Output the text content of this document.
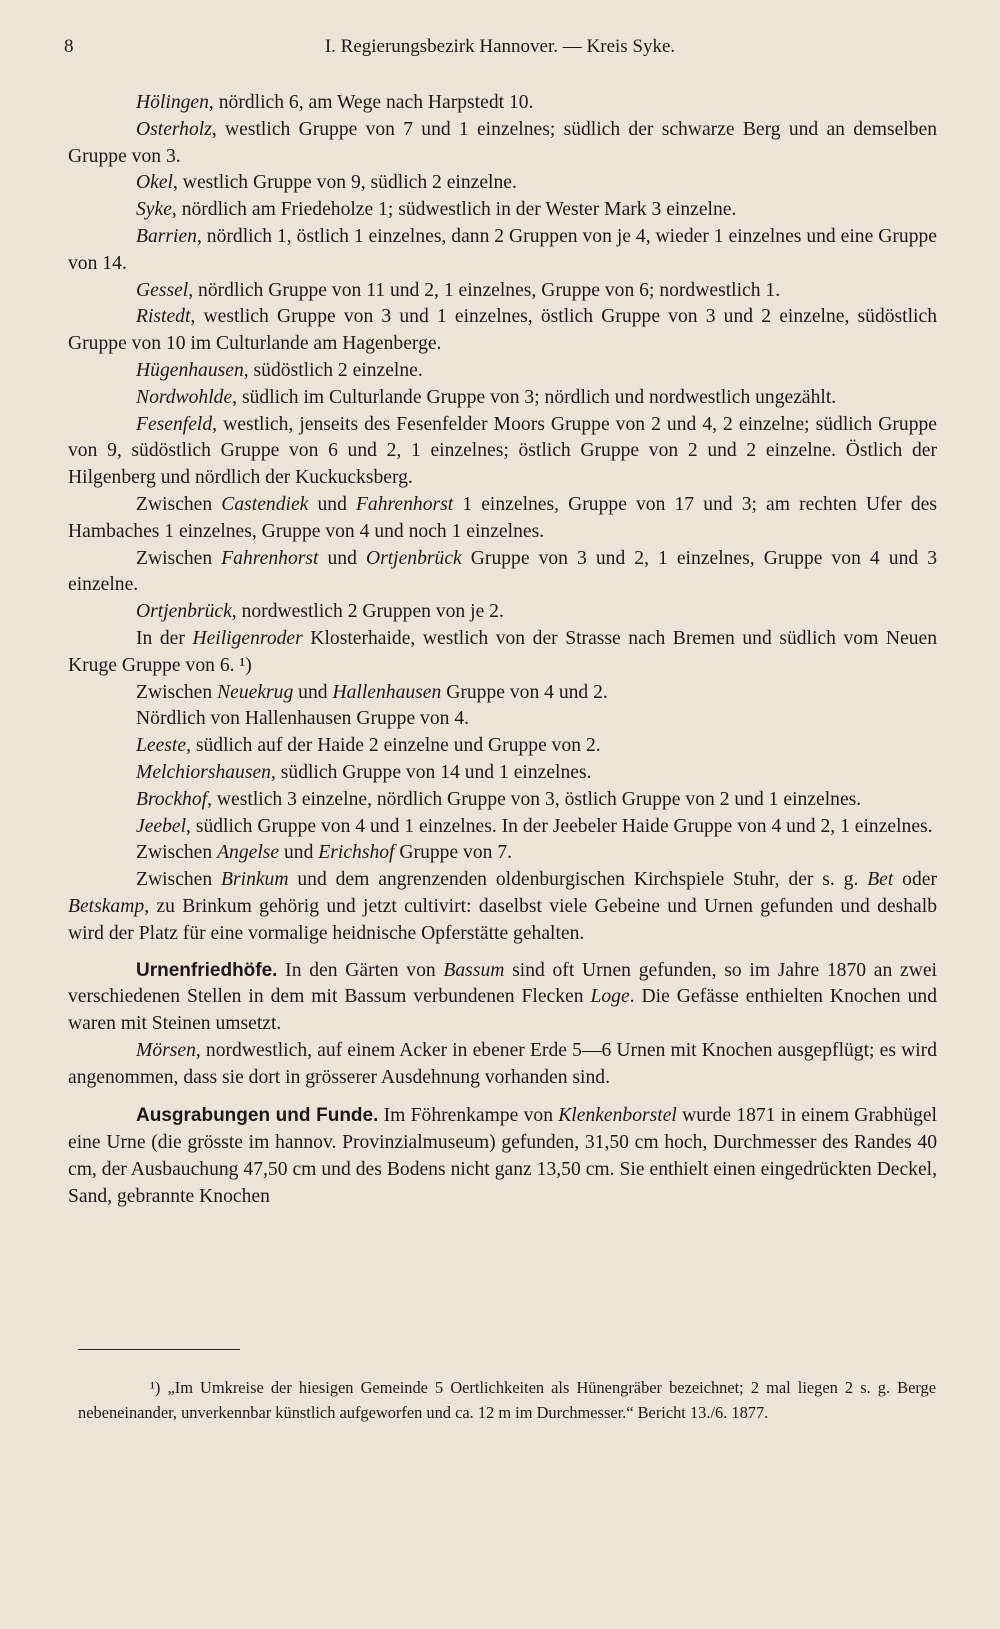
8	I. Regierungsbezirk Hannover. — Kreis Syke.

Hölingen, nördlich 6, am Wege nach Harpstedt 10.

Osterholz, westlich Gruppe von 7 und 1 einzelnes; südlich der schwarze Berg und an demselben Gruppe von 3.

Okel, westlich Gruppe von 9, südlich 2 einzelne.

Syke, nördlich am Friedeholze 1; südwestlich in der Wester Mark 3 einzelne.

Barrien, nördlich 1, östlich 1 einzelnes, dann 2 Gruppen von je 4, wieder 1 einzelnes und eine Gruppe von 14.

Gessel, nördlich Gruppe von 11 und 2, 1 einzelnes, Gruppe von 6; nordwestlich 1.

Ristedt, westlich Gruppe von 3 und 1 einzelnes, östlich Gruppe von 3 und 2 einzelne, südöstlich Gruppe von 10 im Culturlande am Hagenberge.

Hügenhausen, südöstlich 2 einzelne.

Nordwohlde, südlich im Culturlande Gruppe von 3; nördlich und nordwestlich ungezählt.

Fesenfeld, westlich, jenseits des Fesenfelder Moors Gruppe von 2 und 4, 2 einzelne; südlich Gruppe von 9, südöstlich Gruppe von 6 und 2, 1 einzelnes; östlich Gruppe von 2 und 2 einzelne. Östlich der Hilgenberg und nördlich der Kuckucksberg.

Zwischen Castendiek und Fahrenhorst 1 einzelnes, Gruppe von 17 und 3; am rechten Ufer des Hambaches 1 einzelnes, Gruppe von 4 und noch 1 einzelnes.

Zwischen Fahrenhorst und Ortjenbrück Gruppe von 3 und 2, 1 einzelnes, Gruppe von 4 und 3 einzelne.

Ortjenbrück, nordwestlich 2 Gruppen von je 2.

In der Heiligenroder Klosterhaide, westlich von der Strasse nach Bremen und südlich vom Neuen Kruge Gruppe von 6. ¹)

Zwischen Neuekrug und Hallenhausen Gruppe von 4 und 2.

Nördlich von Hallenhausen Gruppe von 4.

Leeste, südlich auf der Haide 2 einzelne und Gruppe von 2.

Melchiorshausen, südlich Gruppe von 14 und 1 einzelnes.

Brockhof, westlich 3 einzelne, nördlich Gruppe von 3, östlich Gruppe von 2 und 1 einzelnes.

Jeebel, südlich Gruppe von 4 und 1 einzelnes. In der Jeebeler Haide Gruppe von 4 und 2, 1 einzelnes.

Zwischen Angelse und Erichshof Gruppe von 7.

Zwischen Brinkum und dem angrenzenden oldenburgischen Kirchspiele Stuhr, der s. g. Bet oder Betskamp, zu Brinkum gehörig und jetzt cultivirt: daselbst viele Gebeine und Urnen gefunden und deshalb wird der Platz für eine vormalige heidnische Opferstätte gehalten.

Urnenfriedhöfe. In den Gärten von Bassum sind oft Urnen gefunden, so im Jahre 1870 an zwei verschiedenen Stellen in dem mit Bassum verbundenen Flecken Loge. Die Gefässe enthielten Knochen und waren mit Steinen umsetzt.

Mörsen, nordwestlich, auf einem Acker in ebener Erde 5—6 Urnen mit Knochen ausgepflügt; es wird angenommen, dass sie dort in grösserer Ausdehnung vorhanden sind.

Ausgrabungen und Funde. Im Föhrenkampe von Klenkenborstel wurde 1871 in einem Grabhügel eine Urne (die grösste im hannov. Provinzialmuseum) gefunden, 31,50 cm hoch, Durchmesser des Randes 40 cm, der Ausbauchung 47,50 cm und des Bodens nicht ganz 13,50 cm. Sie enthielt einen eingedrückten Deckel, Sand, gebrannte Knochen

¹) „Im Umkreise der hiesigen Gemeinde 5 Oertlichkeiten als Hünengräber bezeichnet; 2 mal liegen 2 s. g. Berge nebeneinander, unverkennbar künstlich aufgeworfen und ca. 12 m im Durchmesser.“ Bericht 13./6. 1877.
